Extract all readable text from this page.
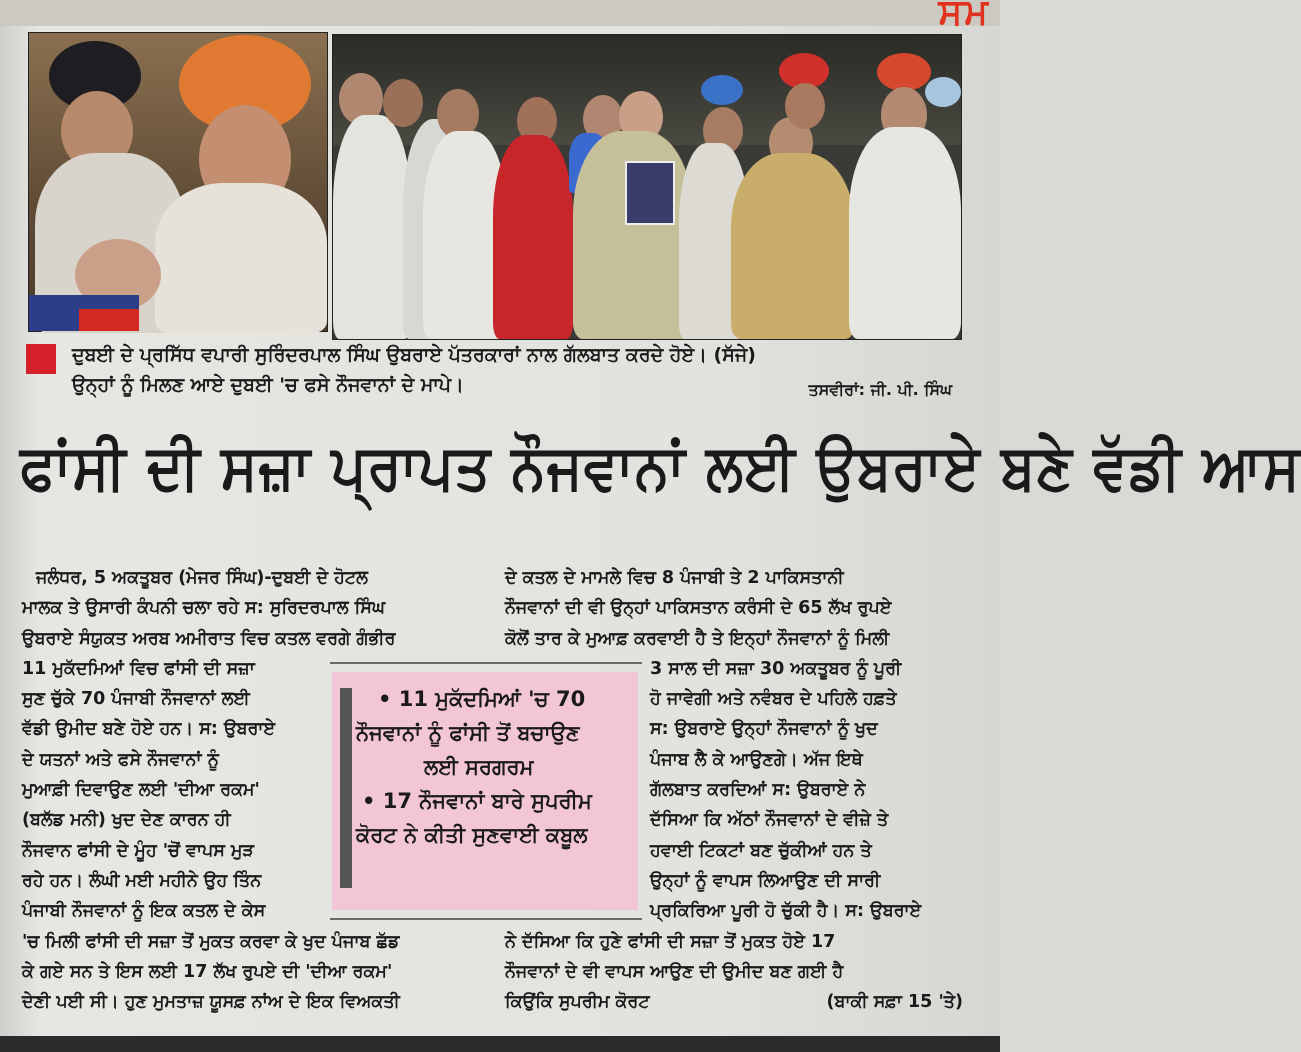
ਸਮ
ਦੁਬਈ ਦੇ ਪ੍ਰਸਿੱਧ ਵਪਾਰੀ ਸੁਰਿੰਦਰਪਾਲ ਸਿੰਘ ਉਬਰਾਏ ਪੱਤਰਕਾਰਾਂ ਨਾਲ ਗੱਲਬਾਤ ਕਰਦੇ ਹੋਏ। (ਸੱਜੇ)
ਉਨ੍ਹਾਂ ਨੂੰ ਮਿਲਣ ਆਏ ਦੁਬਈ 'ਚ ਫਸੇ ਨੌਜਵਾਨਾਂ ਦੇ ਮਾਪੇ।	ਤਸਵੀਰਾਂ: ਜੀ. ਪੀ. ਸਿੰਘ
ਫਾਂਸੀ ਦੀ ਸਜ਼ਾ ਪ੍ਰਾਪਤ ਨੌਜਵਾਨਾਂ ਲਈ ਉਬਰਾਏ ਬਣੇ ਵੱਡੀ ਆਸ
ਜਲੰਧਰ, 5 ਅਕਤੂਬਰ (ਮੇਜਰ ਸਿੰਘ)-ਦੁਬਈ ਦੇ ਹੋਟਲ
ਮਾਲਕ ਤੇ ਉਸਾਰੀ ਕੰਪਨੀ ਚਲਾ ਰਹੇ ਸ: ਸੁਰਿਦਰਪਾਲ ਸਿੰਘ
ਉਬਰਾਏ ਸੰਯੁਕਤ ਅਰਬ ਅਮੀਰਾਤ ਵਿਚ ਕਤਲ ਵਰਗੇ ਗੰਭੀਰ
11 ਮੁਕੱਦਮਿਆਂ ਵਿਚ ਫਾਂਸੀ ਦੀ ਸਜ਼ਾ
ਸੁਣ ਚੁੱਕੇ 70 ਪੰਜਾਬੀ ਨੌਜਵਾਨਾਂ ਲਈ
ਵੱਡੀ ਉਮੀਦ ਬਣੇ ਹੋਏ ਹਨ। ਸ: ਉਬਰਾਏ
ਦੇ ਯਤਨਾਂ ਅਤੇ ਫਸੇ ਨੌਜਵਾਨਾਂ ਨੂੰ
ਮੁਆਫ਼ੀ ਦਿਵਾਉਣ ਲਈ 'ਦੀਆ ਰਕਮ'
(ਬਲੱਡ ਮਨੀ) ਖੁਦ ਦੇਣ ਕਾਰਨ ਹੀ
ਨੌਜਵਾਨ ਫਾਂਸੀ ਦੇ ਮੂੰਹ 'ਚੋਂ ਵਾਪਸ ਮੁੜ
ਰਹੇ ਹਨ। ਲੰਘੀ ਮਈ ਮਹੀਨੇ ਉਹ ਤਿੰਨ
ਪੰਜਾਬੀ ਨੌਜਵਾਨਾਂ ਨੂੰ ਇਕ ਕਤਲ ਦੇ ਕੇਸ
'ਚ ਮਿਲੀ ਫਾਂਸੀ ਦੀ ਸਜ਼ਾ ਤੋਂ ਮੁਕਤ ਕਰਵਾ ਕੇ ਖੁਦ ਪੰਜਾਬ ਛੱਡ
ਕੇ ਗਏ ਸਨ ਤੇ ਇਸ ਲਈ 17 ਲੱਖ ਰੁਪਏ ਦੀ 'ਦੀਆ ਰਕਮ'
ਦੇਣੀ ਪਈ ਸੀ। ਹੁਣ ਮੁਮਤਾਜ਼ ਯੂਸਫ਼ ਨਾਂਅ ਦੇ ਇਕ ਵਿਅਕਤੀ
ਦੇ ਕਤਲ ਦੇ ਮਾਮਲੇ ਵਿਚ 8 ਪੰਜਾਬੀ ਤੇ 2 ਪਾਕਿਸਤਾਨੀ
ਨੌਜਵਾਨਾਂ ਦੀ ਵੀ ਉਨ੍ਹਾਂ ਪਾਕਿਸਤਾਨ ਕਰੰਸੀ ਦੇ 65 ਲੱਖ ਰੁਪਏ
ਕੋਲੋਂ ਤਾਰ ਕੇ ਮੁਆਫ਼ ਕਰਵਾਈ ਹੈ ਤੇ ਇਨ੍ਹਾਂ ਨੌਜਵਾਨਾਂ ਨੂੰ ਮਿਲੀ
3 ਸਾਲ ਦੀ ਸਜ਼ਾ 30 ਅਕਤੂਬਰ ਨੂੰ ਪੂਰੀ
ਹੋ ਜਾਵੇਗੀ ਅਤੇ ਨਵੰਬਰ ਦੇ ਪਹਿਲੇ ਹਫ਼ਤੇ
ਸ: ਉਬਰਾਏ ਉਨ੍ਹਾਂ ਨੌਜਵਾਨਾਂ ਨੂੰ ਖੁਦ
ਪੰਜਾਬ ਲੈ ਕੇ ਆਉਣਗੇ। ਅੱਜ ਇਥੇ
ਗੱਲਬਾਤ ਕਰਦਿਆਂ ਸ: ਉਬਰਾਏ ਨੇ
ਦੱਸਿਆ ਕਿ ਅੱਠਾਂ ਨੌਜਵਾਨਾਂ ਦੇ ਵੀਜ਼ੇ ਤੇ
ਹਵਾਈ ਟਿਕਟਾਂ ਬਣ ਚੁੱਕੀਆਂ ਹਨ ਤੇ
ਉਨ੍ਹਾਂ ਨੂੰ ਵਾਪਸ ਲਿਆਉਣ ਦੀ ਸਾਰੀ
ਪ੍ਰਕਿਰਿਆ ਪੂਰੀ ਹੋ ਚੁੱਕੀ ਹੈ। ਸ: ਉਬਰਾਏ
ਨੇ ਦੱਸਿਆ ਕਿ ਹੁਣੇ ਫਾਂਸੀ ਦੀ ਸਜ਼ਾ ਤੋਂ ਮੁਕਤ ਹੋਏ 17
ਨੌਜਵਾਨਾਂ ਦੇ ਵੀ ਵਾਪਸ ਆਉਣ ਦੀ ਉਮੀਦ ਬਣ ਗਈ ਹੈ
ਕਿਉਂਕਿ ਸੁਪਰੀਮ ਕੋਰਟ	(ਬਾਕੀ ਸਫ਼ਾ 15 'ਤੇ)
• 11 ਮੁਕੱਦਮਿਆਂ 'ਚ 70
ਨੌਜਵਾਨਾਂ ਨੂੰ ਫਾਂਸੀ ਤੋਂ ਬਚਾਉਣ
ਲਈ ਸਰਗਰਮ
• 17 ਨੌਜਵਾਨਾਂ ਬਾਰੇ ਸੁਪਰੀਮ
ਕੋਰਟ ਨੇ ਕੀਤੀ ਸੁਣਵਾਈ ਕਬੂਲ
